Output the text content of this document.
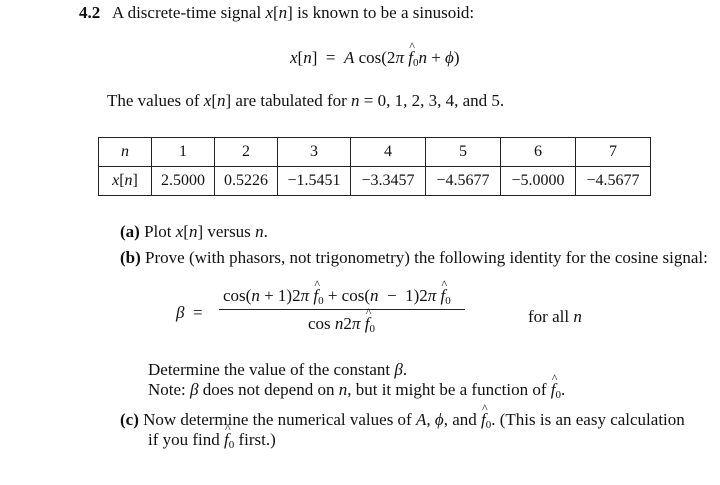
4.2 A discrete-time signal x[n] is known to be a sinusoid:
x[n]  =  A cos(2π ^ $f_0n + \phi$)
The values of x[n] are tabulated for n = 0, 1, 2, 3, 4, and 5.
n	1	2	3	4	5	6	7
x[n]	2.5000	0.5226	−1.5451	−3.3457	−4.5677	−5.0000	−4.5677
(a) Plot x[n] versus n.
(b) Prove (with phasors, not trigonometry) the following identity for the cosine signal:
β  =
cos(n + 1)2π ^ $f_0 + \cos(n - 1)2\pi$ ^ $f_0$
cos n2π ^ $f_0$
for all n
Determine the value of the constant β.
Note: β does not depend on n, but it might be a function of ^ $f_0$.
(c) Now determine the numerical values of A, ϕ, and ^ $f_0$. (This is an easy calculation
if you find ^ $f_0$ first.)
